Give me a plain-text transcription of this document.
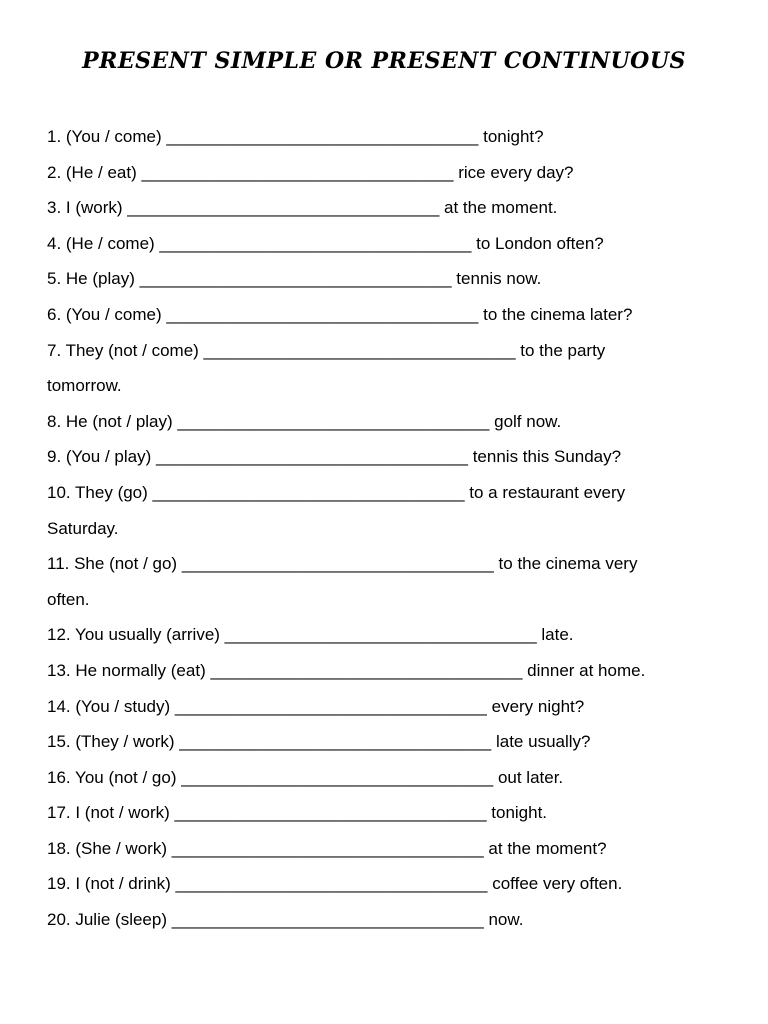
PRESENT SIMPLE OR PRESENT CONTINUOUS
1. (You / come) _________________________________ tonight?
2. (He / eat) _________________________________ rice every day?
3. I (work) _________________________________ at the moment.
4. (He / come) _________________________________ to London often?
5. He (play) _________________________________ tennis now.
6. (You / come) _________________________________ to the cinema later?
7. They (not / come) _________________________________ to the party
tomorrow.
8. He (not / play) _________________________________ golf now.
9. (You / play) _________________________________ tennis this Sunday?
10. They (go) _________________________________ to a restaurant every
Saturday.
11. She (not / go) _________________________________ to the cinema very
often.
12. You usually (arrive) _________________________________ late.
13. He normally (eat) _________________________________ dinner at home.
14. (You / study) _________________________________ every night?
15. (They / work) _________________________________ late usually?
16. You (not / go) _________________________________ out later.
17. I (not / work) _________________________________ tonight.
18. (She / work) _________________________________ at the moment?
19. I (not / drink) _________________________________ coffee very often.
20. Julie (sleep) _________________________________ now.
